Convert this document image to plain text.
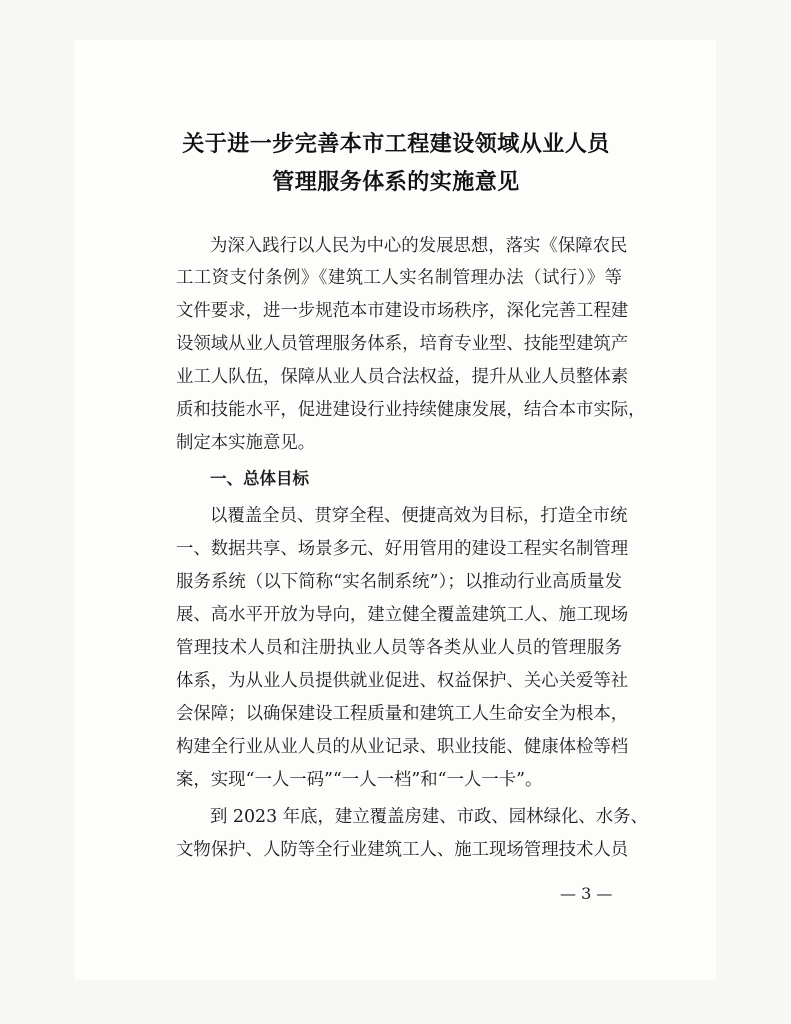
关于进一步完善本市工程建设领域从业人员
管理服务体系的实施意见
为深入践行以人民为中心的发展思想，落实《保障农民
工工资支付条例》《建筑工人实名制管理办法（试行）》等
文件要求，进一步规范本市建设市场秩序，深化完善工程建
设领域从业人员管理服务体系，培育专业型、技能型建筑产
业工人队伍，保障从业人员合法权益，提升从业人员整体素
质和技能水平，促进建设行业持续健康发展，结合本市实际，
制定本实施意见。
一、总体目标
以覆盖全员、贯穿全程、便捷高效为目标，打造全市统
一、数据共享、场景多元、好用管用的建设工程实名制管理
服务系统（以下简称“实名制系统”）；以推动行业高质量发
展、高水平开放为导向，建立健全覆盖建筑工人、施工现场
管理技术人员和注册执业人员等各类从业人员的管理服务
体系，为从业人员提供就业促进、权益保护、关心关爱等社
会保障；以确保建设工程质量和建筑工人生命安全为根本，
构建全行业从业人员的从业记录、职业技能、健康体检等档
案，实现“一人一码”“一人一档”和“一人一卡”。
到 2023 年底，建立覆盖房建、市政、园林绿化、水务、
文物保护、人防等全行业建筑工人、施工现场管理技术人员
— 3 —
